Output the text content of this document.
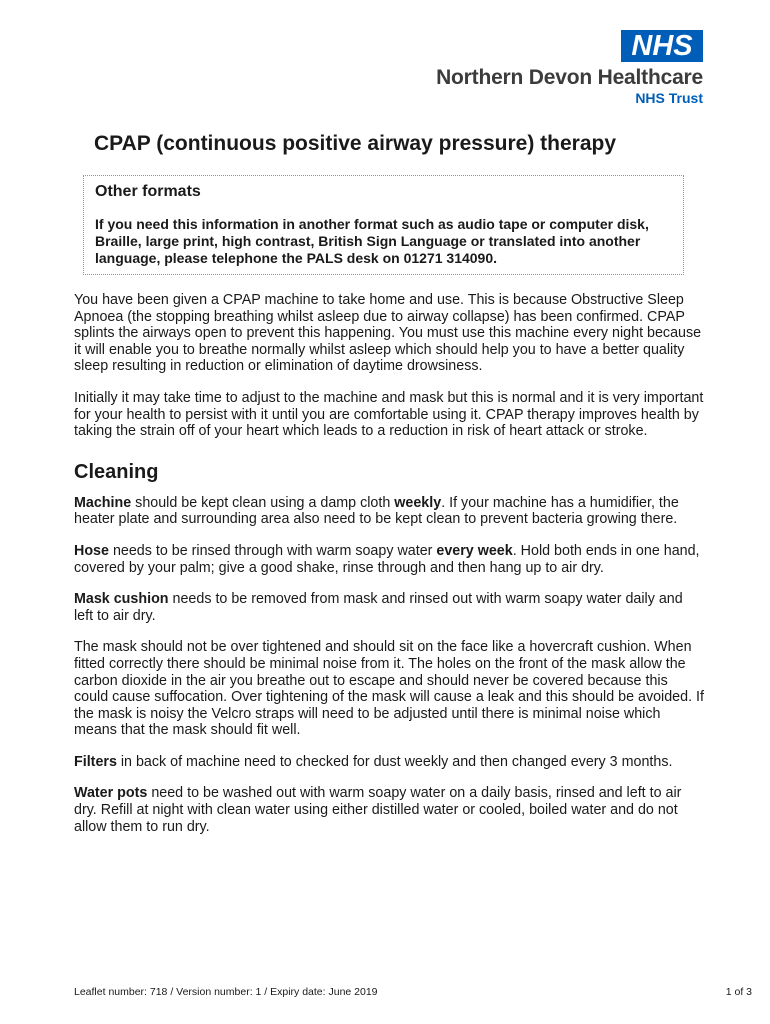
NHS
Northern Devon Healthcare
NHS Trust
CPAP (continuous positive airway pressure) therapy
Other formats

If you need this information in another format such as audio tape or computer disk, Braille, large print, high contrast, British Sign Language or translated into another language, please telephone the PALS desk on 01271 314090.

You have been given a CPAP machine to take home and use. This is because Obstructive Sleep Apnoea (the stopping breathing whilst asleep due to airway collapse) has been confirmed. CPAP splints the airways open to prevent this happening. You must use this machine every night because it will enable you to breathe normally whilst asleep which should help you to have a better quality sleep resulting in reduction or elimination of daytime drowsiness.

Initially it may take time to adjust to the machine and mask but this is normal and it is very important for your health to persist with it until you are comfortable using it. CPAP therapy improves health by taking the strain off of your heart which leads to a reduction in risk of heart attack or stroke.

Cleaning

Machine should be kept clean using a damp cloth weekly. If your machine has a humidifier, the heater plate and surrounding area also need to be kept clean to prevent bacteria growing there.

Hose needs to be rinsed through with warm soapy water every week. Hold both ends in one hand, covered by your palm; give a good shake, rinse through and then hang up to air dry.

Mask cushion needs to be removed from mask and rinsed out with warm soapy water daily and left to air dry.

The mask should not be over tightened and should sit on the face like a hovercraft cushion. When fitted correctly there should be minimal noise from it. The holes on the front of the mask allow the carbon dioxide in the air you breathe out to escape and should never be covered because this could cause suffocation. Over tightening of the mask will cause a leak and this should be avoided. If the mask is noisy the Velcro straps will need to be adjusted until there is minimal noise which means that the mask should fit well.

Filters in back of machine need to checked for dust weekly and then changed every 3 months.

Water pots need to be washed out with warm soapy water on a daily basis, rinsed and left to air dry. Refill at night with clean water using either distilled water or cooled, boiled water and do not allow them to run dry.

Leaflet number: 718 / Version number: 1 / Expiry date: June 2019	1 of 3
